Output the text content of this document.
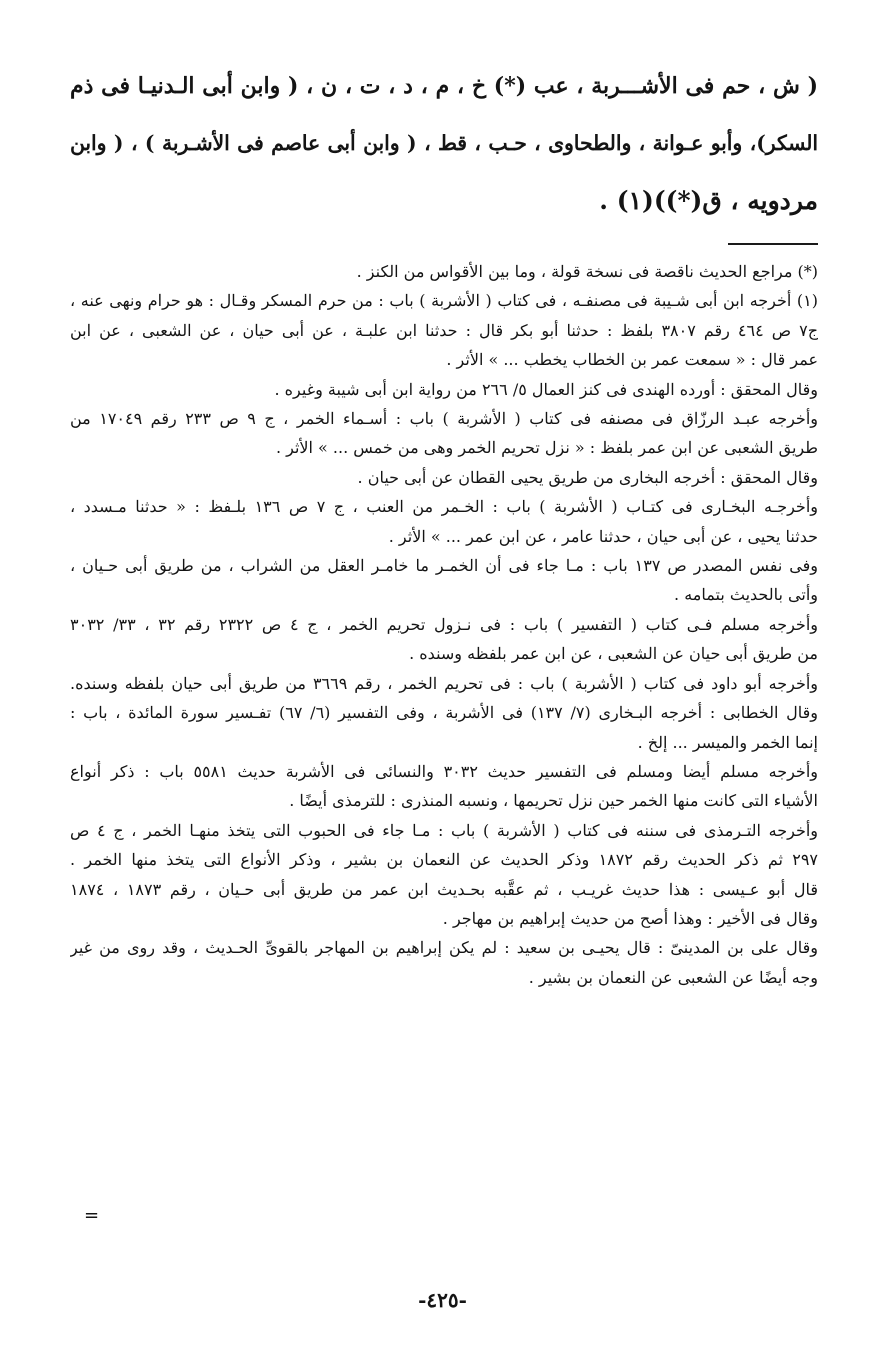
( ش ، حم فى الأشـــربة ، عب (*) خ ، م ، د ، ت ، ن ، ( وابن أبى الـدنيـا فى ذم
السكر)، وأبو عـوانة ، والطحاوى ، حـب ، قط ، ( وابن أبى عاصم فى الأشـربة ) ، ( وابن
مردويه ، ق(*))(١) .
(*) مراجع الحديث ناقصة فى نسخة قولة ، وما بين الأقواس من الكنز .
(١) أخرجه ابن أبى شـيبة فى مصنفـه ، فى كتاب ( الأشربة ) باب : من حرم المسكر وقـال : هو حرام ونهى عنه ،
ج٧ ص ٤٦٤ رقم ٣٨٠٧ بلفظ : حدثنا أبو بكر قال : حدثنا ابن علبـة ، عن أبى حيان ، عن الشعبى ، عن ابن
عمر قال : « سمعت عمر بن الخطاب يخطب ... » الأثر .
وقال المحقق : أورده الهندى فى كنز العمال ٥/ ٢٦٦ من رواية ابن أبى شيبة وغيره .
وأخرجه عبـد الرزّاق فى مصنفه فى كتاب ( الأشربة ) باب : أسـماء الخمر ، ج ٩ ص ٢٣٣ رقم ١٧٠٤٩ من
طريق الشعبى عن ابن عمر بلفظ : « نزل تحريم الخمر وهى من خمس ... » الأثر .
وقال المحقق : أخرجه البخارى من طريق يحيى القطان عن أبى حيان .
وأخرجـه البخـارى فى كتـاب ( الأشربة ) باب : الخـمر من العنب ، ج ٧ ص ١٣٦ بلـفظ : « حدثنا مـسدد ،
حدثنا يحيى ، عن أبى حيان ، حدثنا عامر ، عن ابن عمر ... » الأثر .
وفى نفس المصدر ص ١٣٧ باب : مـا جاء فى أن الخمـر ما خامـر العقل من الشراب ، من طريق أبى حـيان ،
وأتى بالحديث بتمامه .
وأخرجه مسلم فـى كتاب ( التفسير ) باب : فى نـزول تحريم الخمر ، ج ٤ ص ٢٣٢٢ رقم ٣٢ ، ٣٣/ ٣٠٣٢
من طريق أبى حيان عن الشعبى ، عن ابن عمر بلفظه وسنده .
وأخرجه أبو داود فى كتاب ( الأشربة ) باب : فى تحريم الخمر ، رقم ٣٦٦٩ من طريق أبى حيان بلفظه وسنده.
وقال الخطابى : أخرجه البـخارى (٧/ ١٣٧) فى الأشربة ، وفى التفسير (٦/ ٦٧) تفـسير سورة المائدة ، باب :
إنما الخمر والميسر ... إلخ .
وأخرجه مسلم أيضا ومسلم فى التفسير حديث ٣٠٣٢ والنسائى فى الأشربة حديث ٥٥٨١ باب : ذكر أنواع
الأشياء التى كانت منها الخمر حين نزل تحريمها ، ونسبه المنذرى : للترمذى أيضًا .
وأخرجه التـرمذى فى سننه فى كتاب ( الأشربة ) باب : مـا جاء فى الحبوب التى يتخذ منهـا الخمر ، ج ٤ ص
٢٩٧ ثم ذكر الحديث رقم ١٨٧٢ وذكر الحديث عن النعمان بن بشير ، وذكر الأنواع التى يتخذ منها الخمر .
قال أبو عـيسى : هذا حديث غريـب ، ثم عقَّبه بحـديث ابن عمر من طريق أبى حـيان ، رقم ١٨٧٣ ، ١٨٧٤
وقال فى الأخير : وهذا أصح من حديث إبراهيم بن مهاجر .
وقال على بن المدينىّ : قال يحيـى بن سعيد : لم يكن إبراهيم بن المهاجر بالقوىِّ الحـديث ، وقد روى من غير
وجه أيضًا عن الشعبى عن النعمان بن بشير .
=
-٤٢٥-
